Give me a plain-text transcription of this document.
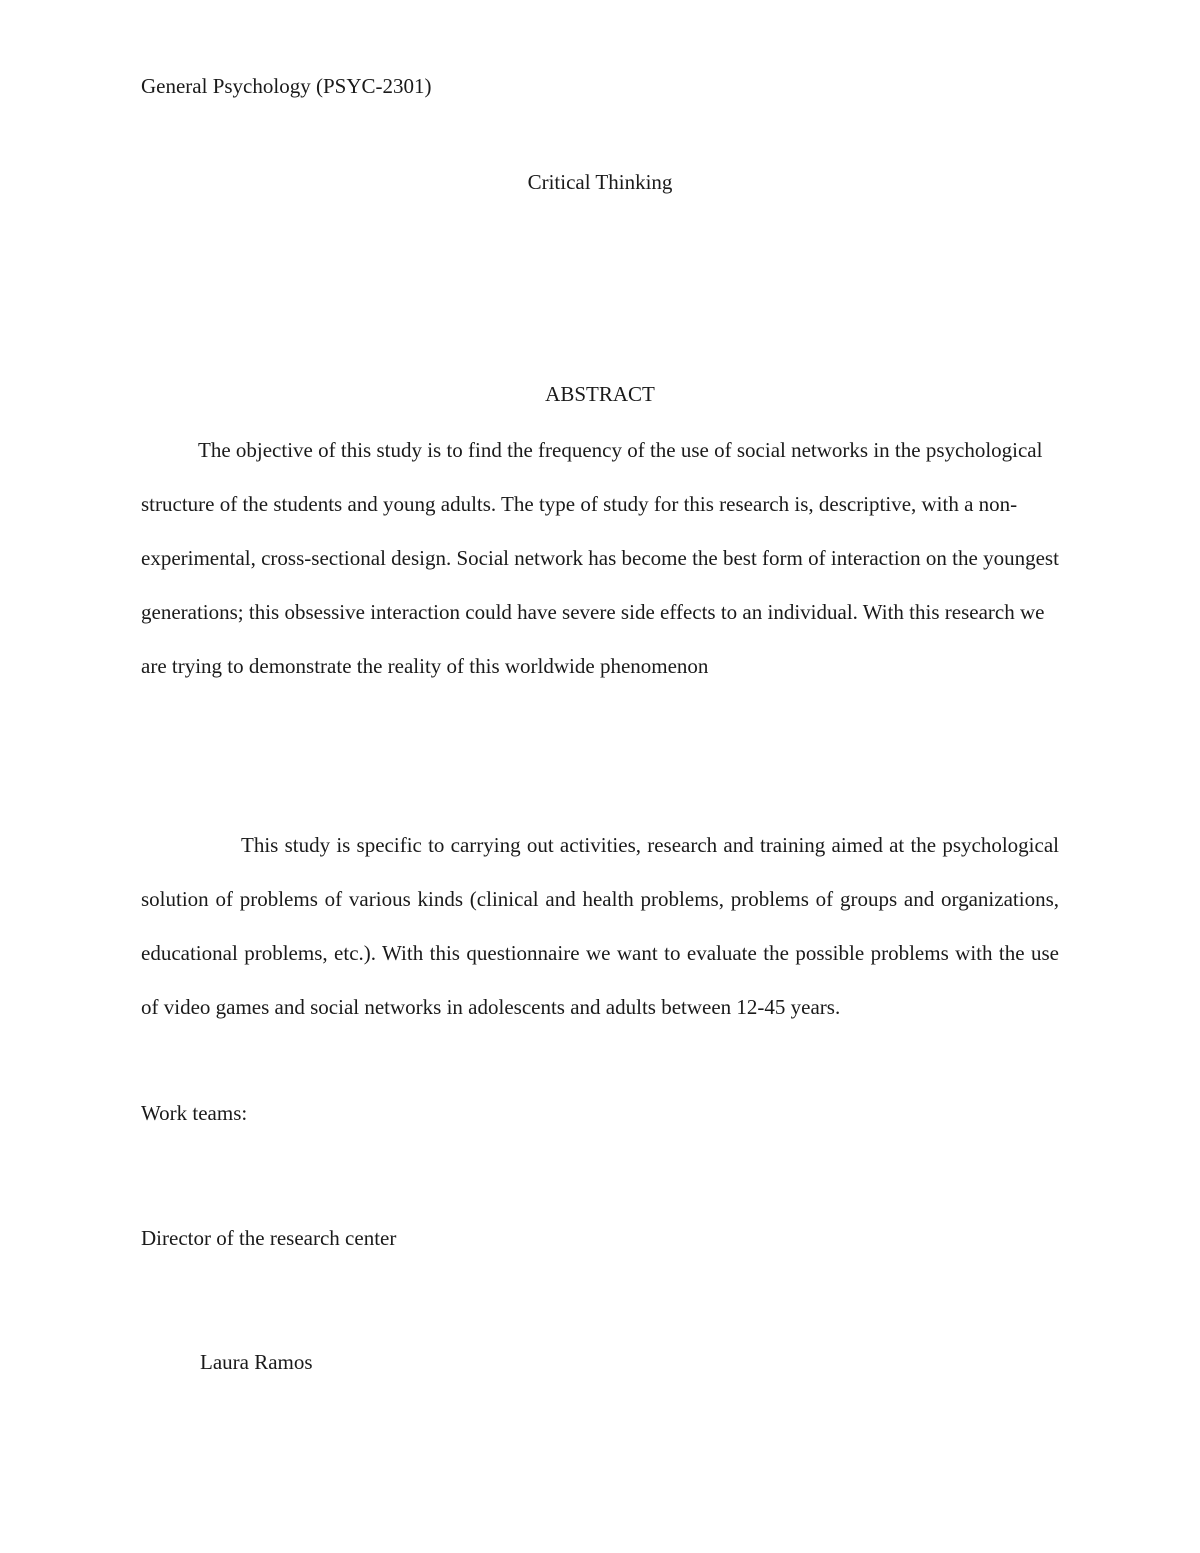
General Psychology (PSYC-2301)
Critical Thinking
ABSTRACT

The objective of this study is to find the frequency of the use of social networks in the psychological structure of the students and young adults. The type of study for this research is, descriptive, with a non-experimental, cross-sectional design. Social network has become the best form of interaction on the youngest generations; this obsessive interaction could have severe side effects to an individual. With this research we are trying to demonstrate the reality of this worldwide phenomenon

This study is specific to carrying out activities, research and training aimed at the psychological solution of problems of various kinds (clinical and health problems, problems of groups and organizations, educational problems, etc.). With this questionnaire we want to evaluate the possible problems with the use of video games and social networks in adolescents and adults between 12-45 years.

Work teams:
Director of the research center
Laura Ramos
